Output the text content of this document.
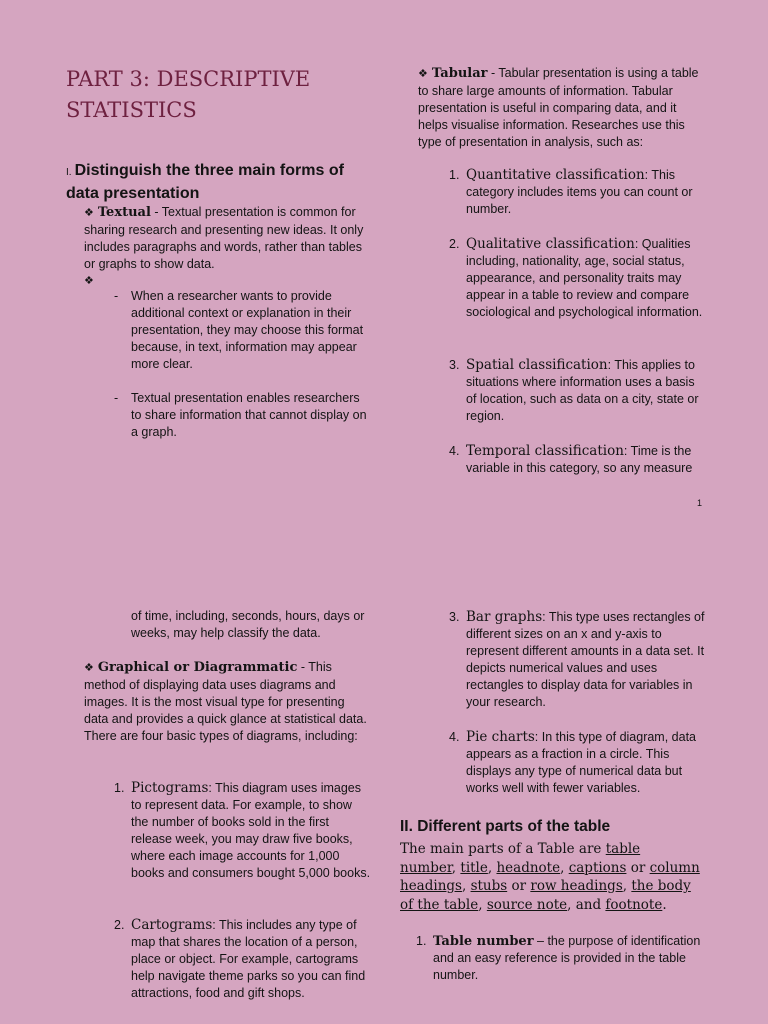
PART 3: DESCRIPTIVE STATISTICS
I. Distinguish the three main forms of data presentation
❖ Textual - Textual presentation is common for sharing research and presenting new ideas. It only includes paragraphs and words, rather than tables or graphs to show data.
❖
- When a researcher wants to provide additional context or explanation in their presentation, they may choose this format because, in text, information may appear more clear.
- Textual presentation enables researchers to share information that cannot display on a graph.
❖ Tabular - Tabular presentation is using a table to share large amounts of information. Tabular presentation is useful in comparing data, and it helps visualise information. Researches use this type of presentation in analysis, such as:
1. Quantitative classification: This category includes items you can count or number.
2. Qualitative classification: Qualities including, nationality, age, social status, appearance, and personality traits may appear in a table to review and compare sociological and psychological information.
3. Spatial classification: This applies to situations where information uses a basis of location, such as data on a city, state or region.
4. Temporal classification: Time is the variable in this category, so any measure
1
of time, including, seconds, hours, days or weeks, may help classify the data.
❖ Graphical or Diagrammatic - This method of displaying data uses diagrams and images. It is the most visual type for presenting data and provides a quick glance at statistical data. There are four basic types of diagrams, including:
1. Pictograms: This diagram uses images to represent data. For example, to show the number of books sold in the first release week, you may draw five books, where each image accounts for 1,000 books and consumers bought 5,000 books.
2. Cartograms: This includes any type of map that shares the location of a person, place or object. For example, cartograms help navigate theme parks so you can find attractions, food and gift shops.
3. Bar graphs: This type uses rectangles of different sizes on an x and y-axis to represent different amounts in a data set. It depicts numerical values and uses rectangles to display data for variables in your research.
4. Pie charts: In this type of diagram, data appears as a fraction in a circle. This displays any type of numerical data but works well with fewer variables.
II. Different parts of the table
The main parts of a Table are table number, title, headnote, captions or column headings, stubs or row headings, the body of the table, source note, and footnote.
1. Table number – the purpose of identification and an easy reference is provided in the table number.
